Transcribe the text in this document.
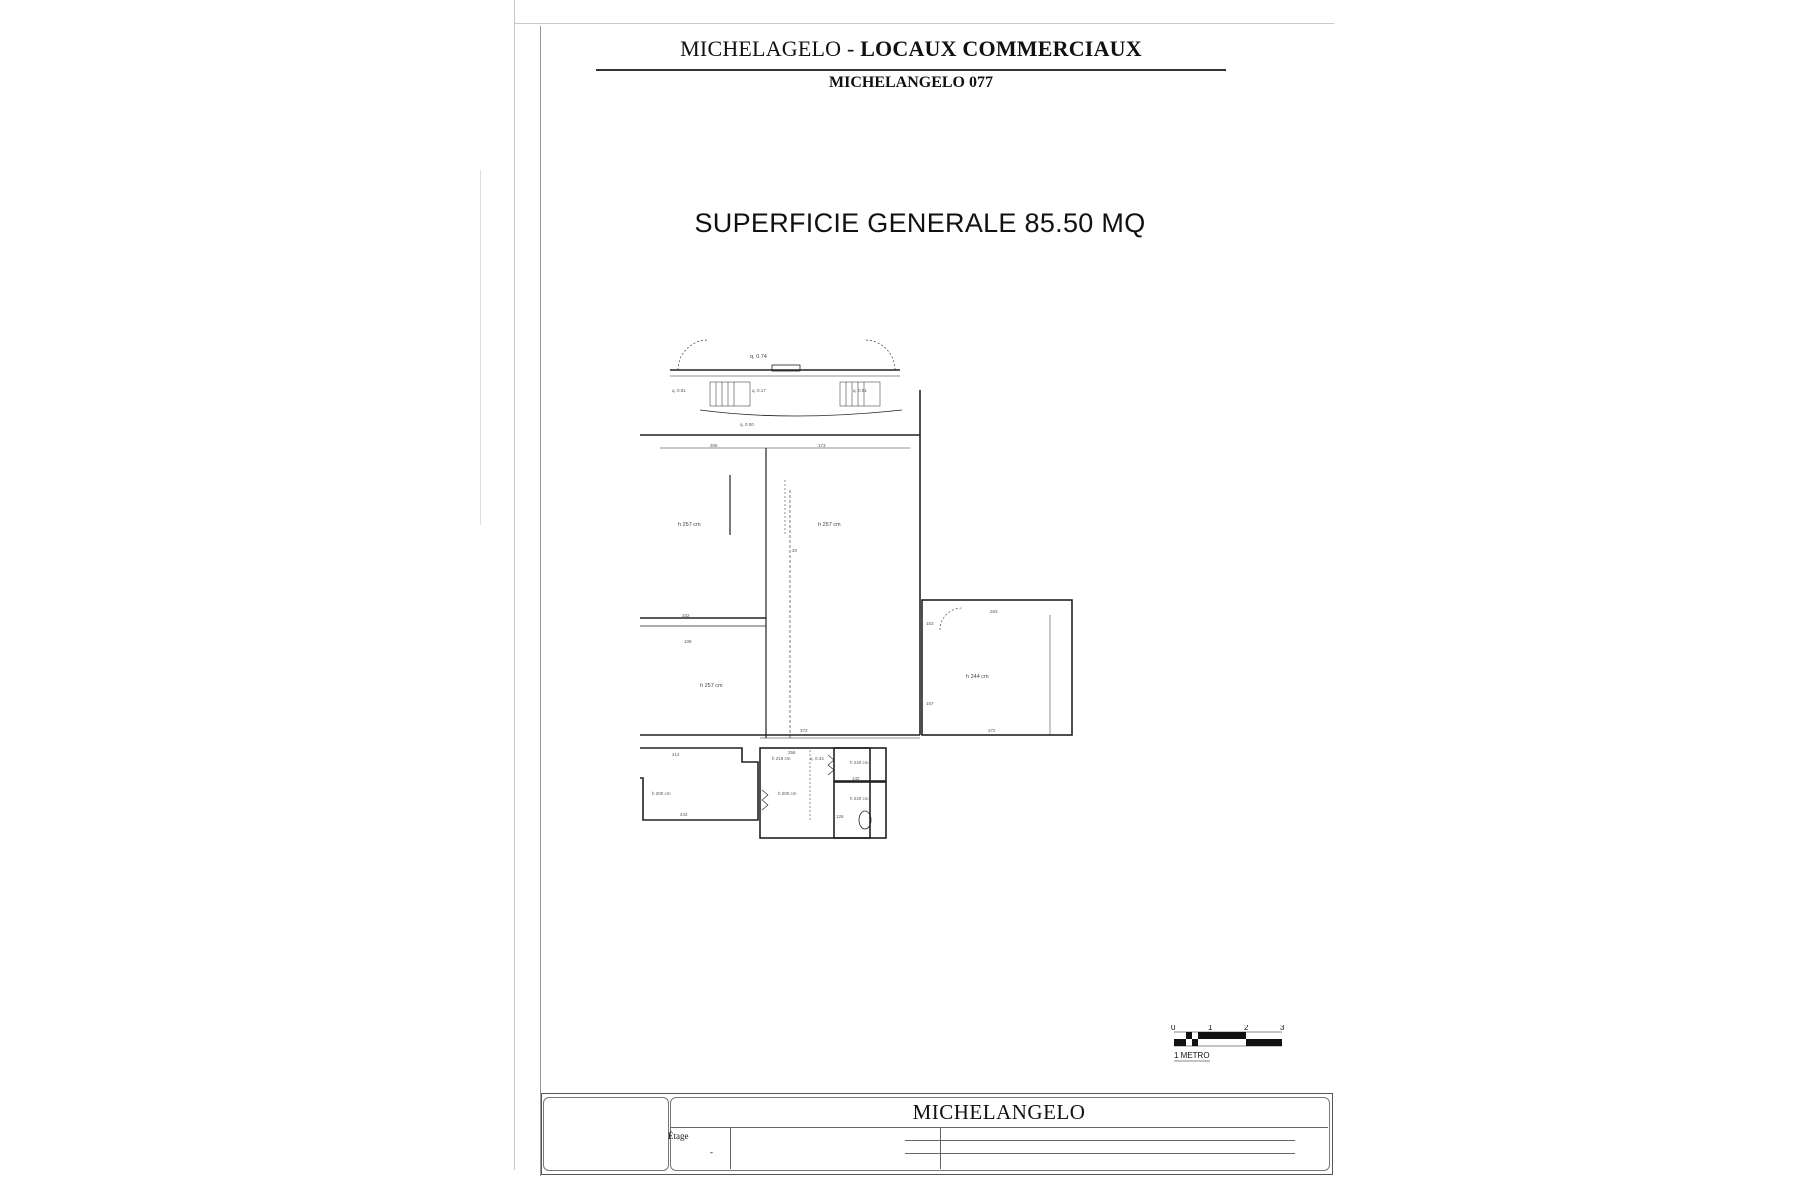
MICHELAGELO - LOCAUX COMMERCIAUX
MICHELANGELO 077
SUPERFICIE GENERALE 85.50 MQ
q. 0.74
q. 0.81	q. 0.17	q. 0.81
q. 0.00
q. 0.44
h 257 cm	h 257 cm
h 257 cm
h 244 cm
h 218 cm
h 200 cm	h 200 cm
h 240 cm
h 240 cm
306	173
332
373
263
272
214	256
142
244
153
157
20
108
126
0	1	2	3
1 METRO
MICHELANGELO
Étage
-
